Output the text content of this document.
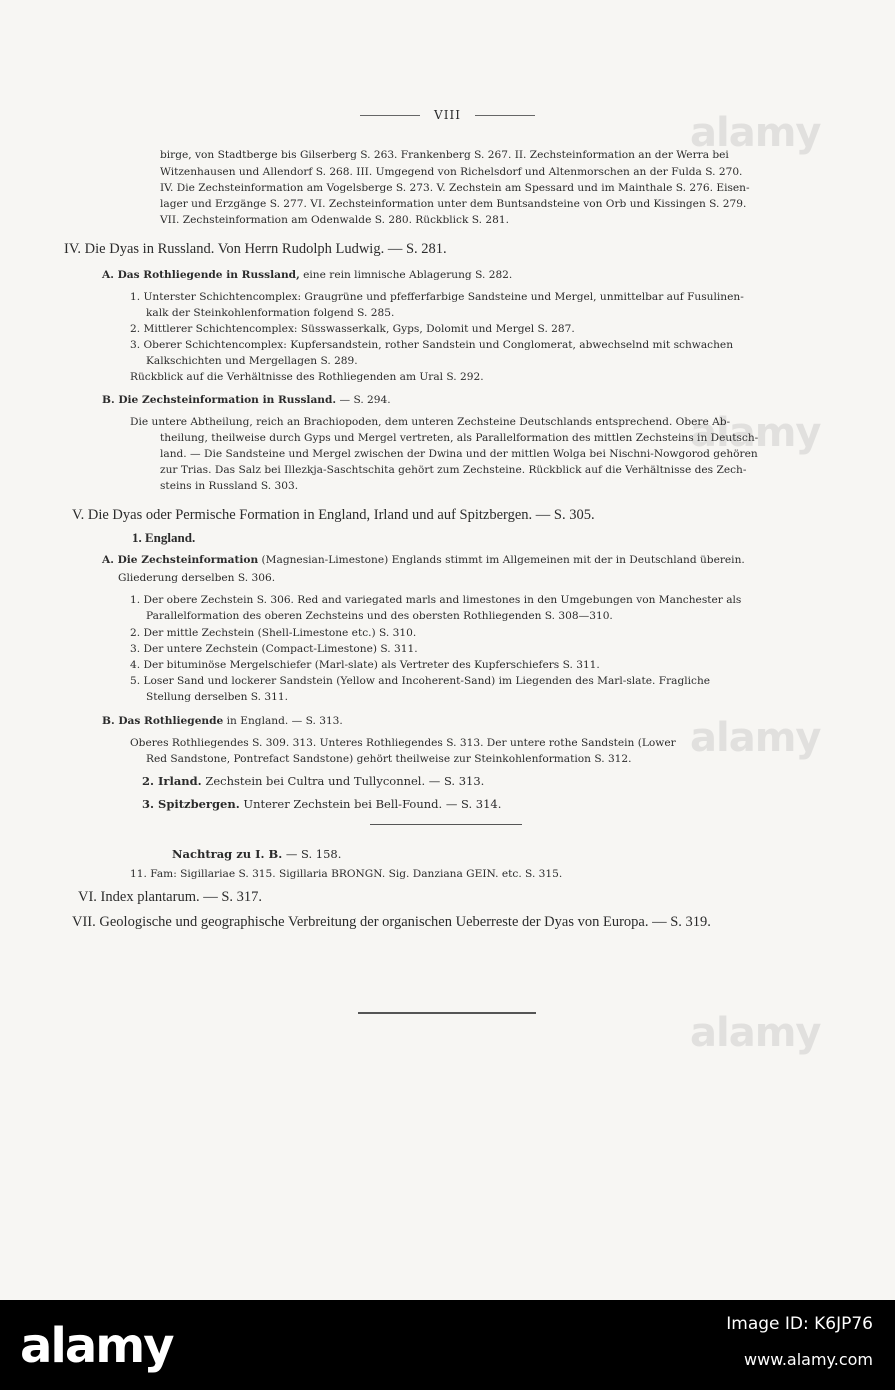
alamy
alamy
alamy
alamy
VIII
birge, von Stadtberge bis Gilserberg S. 263. Frankenberg S. 267. II. Zechsteinformation an der Werra bei
Witzenhausen und Allendorf S. 268. III. Umgegend von Richelsdorf und Altenmorschen an der Fulda S. 270.
IV. Die Zechsteinformation am Vogelsberge S. 273. V. Zechstein am Spessard und im Mainthale S. 276. Eisen-
lager und Erzgänge S. 277. VI. Zechsteinformation unter dem Buntsandsteine von Orb und Kissingen S. 279.
VII. Zechsteinformation am Odenwalde S. 280. Rückblick S. 281.
IV. Die Dyas in Russland. Von Herrn Rudolph Ludwig. — S. 281.
A. Das Rothliegende in Russland, eine rein limnische Ablagerung S. 282.
1. Unterster Schichtencomplex: Graugrüne und pfefferfarbige Sandsteine und Mergel, unmittelbar auf Fusulinen-
kalk der Steinkohlenformation folgend S. 285.
2. Mittlerer Schichtencomplex: Süsswasserkalk, Gyps, Dolomit und Mergel S. 287.
3. Oberer Schichtencomplex: Kupfersandstein, rother Sandstein und Conglomerat, abwechselnd mit schwachen
Kalkschichten und Mergellagen S. 289.
Rückblick auf die Verhältnisse des Rothliegenden am Ural S. 292.
B. Die Zechsteinformation in Russland. — S. 294.
Die untere Abtheilung, reich an Brachiopoden, dem unteren Zechsteine Deutschlands entsprechend. Obere Ab-
theilung, theilweise durch Gyps und Mergel vertreten, als Parallelformation des mittlen Zechsteins in Deutsch-
land. — Die Sandsteine und Mergel zwischen der Dwina und der mittlen Wolga bei Nischni-Nowgorod gehören
zur Trias. Das Salz bei Illezkja-Saschtschita gehört zum Zechsteine. Rückblick auf die Verhältnisse des Zech-
steins in Russland S. 303.
V. Die Dyas oder Permische Formation in England, Irland und auf Spitzbergen. — S. 305.
1. England.
A. Die Zechsteinformation (Magnesian-Limestone) Englands stimmt im Allgemeinen mit der in Deutschland überein.
Gliederung derselben S. 306.
1. Der obere Zechstein S. 306. Red and variegated marls and limestones in den Umgebungen von Manchester als
Parallelformation des oberen Zechsteins und des obersten Rothliegenden S. 308—310.
2. Der mittle Zechstein (Shell-Limestone etc.) S. 310.
3. Der untere Zechstein (Compact-Limestone) S. 311.
4. Der bituminöse Mergelschiefer (Marl-slate) als Vertreter des Kupferschiefers S. 311.
5. Loser Sand und lockerer Sandstein (Yellow and Incoherent-Sand) im Liegenden des Marl-slate. Fragliche
Stellung derselben S. 311.
B. Das Rothliegende in England. — S. 313.
Oberes Rothliegendes S. 309. 313. Unteres Rothliegendes S. 313. Der untere rothe Sandstein (Lower
Red Sandstone, Pontrefact Sandstone) gehört theilweise zur Steinkohlenformation S. 312.
2. Irland. Zechstein bei Cultra und Tullyconnel. — S. 313.
3. Spitzbergen. Unterer Zechstein bei Bell-Found. — S. 314.
Nachtrag zu I. B. — S. 158.
11. Fam: Sigillariae S. 315. Sigillaria BRONGN. Sig. Danziana GEIN. etc. S. 315.
VI. Index plantarum. — S. 317.
VII. Geologische und geographische Verbreitung der organischen Ueberreste der Dyas von Europa. — S. 319.
alamy	Image ID: K6JP76
www.alamy.com
